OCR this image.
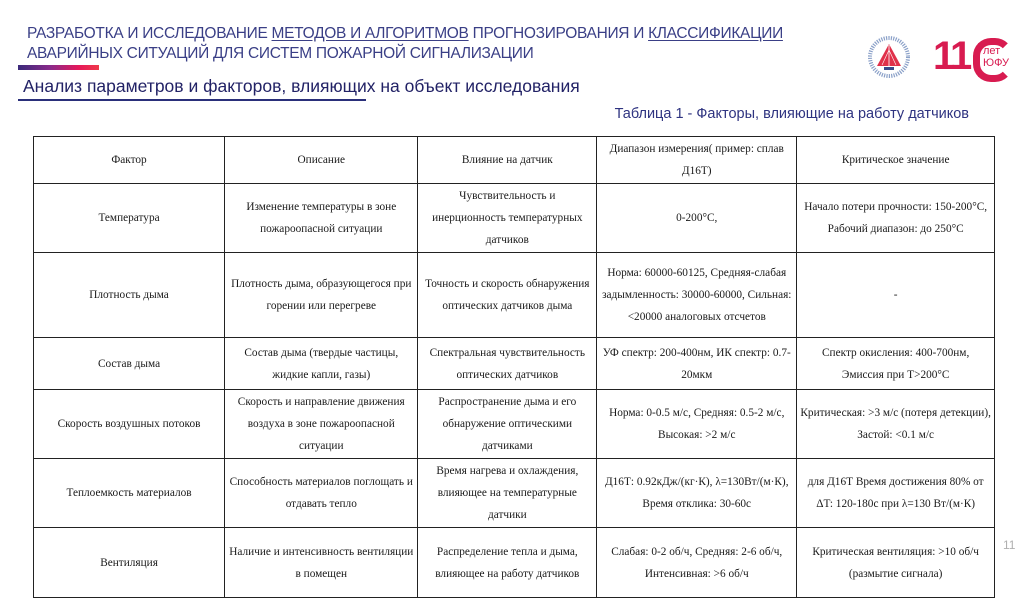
РАЗРАБОТКА И ИССЛЕДОВАНИЕ МЕТОДОВ И АЛГОРИТМОВ ПРОГНОЗИРОВАНИЯ И КЛАССИФИКАЦИИ АВАРИЙНЫХ СИТУАЦИЙ ДЛЯ СИСТЕМ ПОЖАРНОЙ СИГНАЛИЗАЦИИ
Анализ параметров и факторов, влияющих на объект исследования
11	лет
ЮФУ
Таблица 1 - Факторы, влияющие на работу датчиков
Фактор	Описание	Влияние на датчик	Диапазон измерения( пример: сплав Д16Т)	Критическое значение
Температура	Изменение температуры в зоне пожароопасной ситуации	Чувствительность и инерционность температурных датчиков	0-200°С,	Начало потери прочности: 150-200°С, Рабочий диапазон: до 250°С
Плотность дыма	Плотность дыма, образующегося при горении или перегреве	Точность и скорость обнаружения оптических датчиков дыма	Норма: 60000-60125, Средняя-слабая задымленность: 30000-60000, Сильная: <20000 аналоговых отсчетов	-
Состав дыма	Состав дыма (твердые частицы, жидкие капли, газы)	Спектральная чувствительность оптических датчиков	УФ спектр: 200-400нм, ИК спектр: 0.7-20мкм	Спектр окисления: 400-700нм, Эмиссия при T>200°C
Скорость воздушных потоков	Скорость и направление движения воздуха в зоне пожароопасной ситуации	Распространение дыма и его обнаружение оптическими датчиками	Норма: 0-0.5 м/с, Средняя: 0.5-2 м/с, Высокая: >2 м/с	Критическая: >3 м/с (потеря детекции), Застой: <0.1 м/с
Теплоемкость материалов	Способность материалов поглощать и отдавать тепло	Время нагрева и охлаждения, влияющее на температурные датчики	Д16Т: 0.92кДж/(кг·К), λ=130Вт/(м·К), Время отклика: 30-60с	для Д16Т Время достижения 80% от ΔT: 120-180с при λ=130 Вт/(м·К)
Вентиляция	Наличие и интенсивность вентиляции в помещен	Распределение тепла и дыма, влияющее на работу датчиков	Слабая: 0-2 об/ч, Средняя: 2-6 об/ч, Интенсивная: >6 об/ч	Критическая вентиляция: >10 об/ч (размытие сигнала)
11
